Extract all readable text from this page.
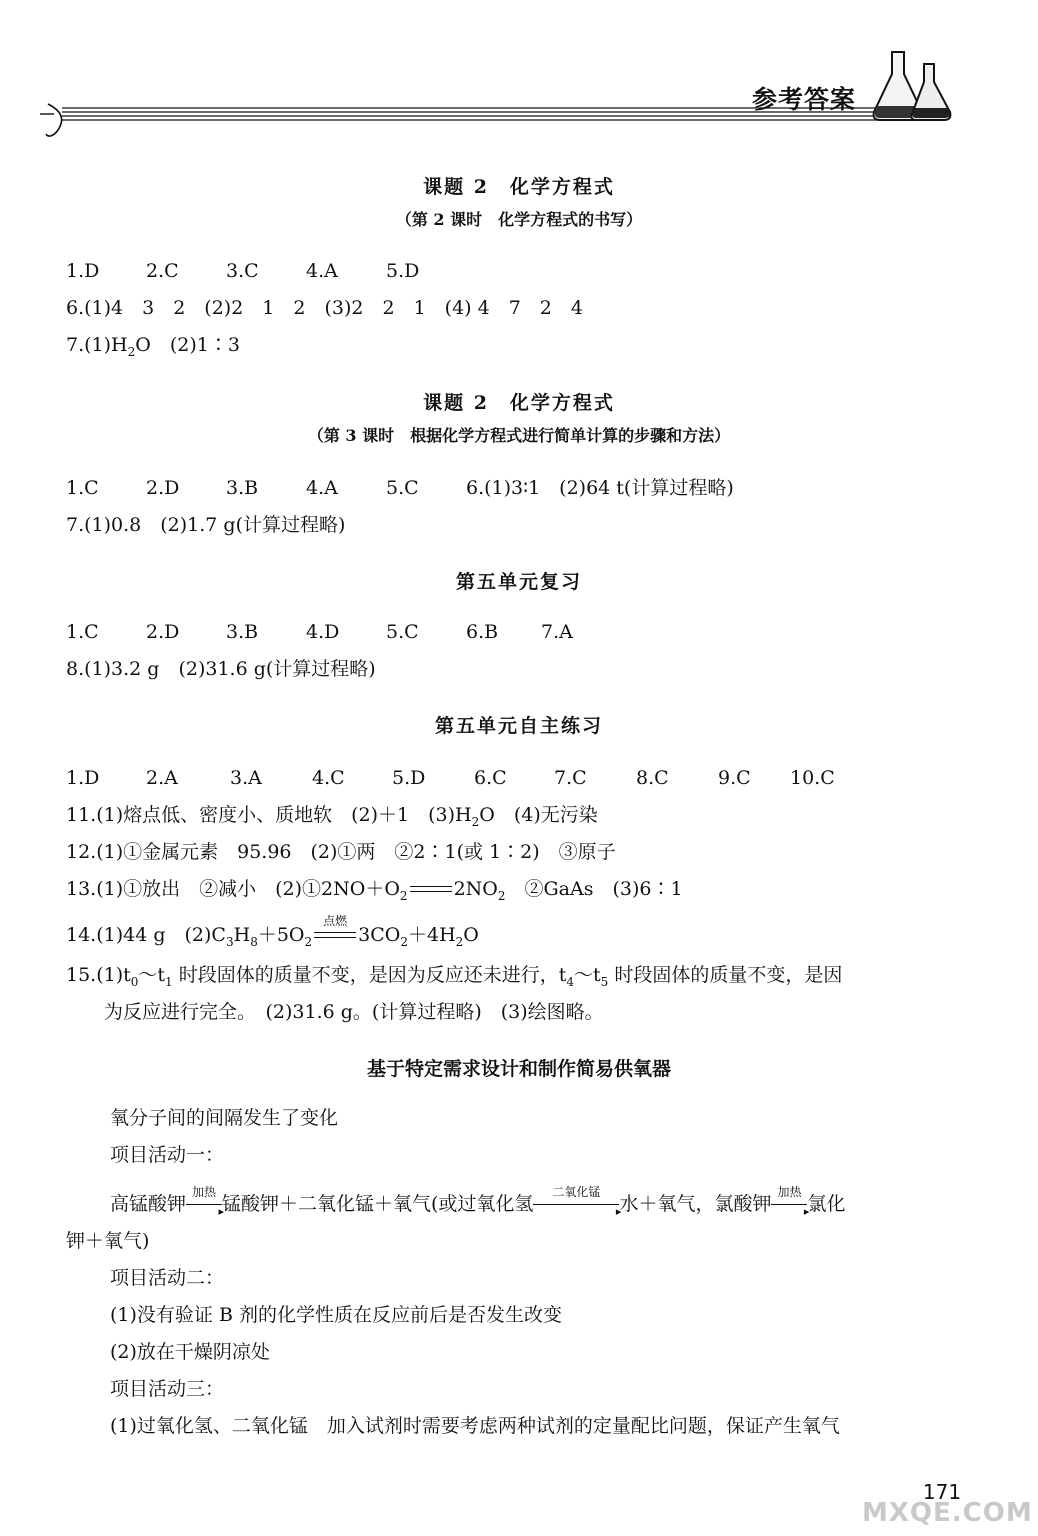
参考答案
课题 2　化学方程式
（第 2 课时　化学方程式的书写）
1.D 2.C 3.C 4.A	5.D
6.(1)4　3　2　(2)2　1　2　(3)2　2　1　(4) 4　7　2　4
$7.(1)H_2O$　(2)1∶3
课题 2　化学方程式
（第 3 课时　根据化学方程式进行简单计算的步骤和方法）
1.C 2.D 3.B	4.A	5.C 6.(1)3∶1　(2)64 t(计算过程略)
7.(1)0.8　(2)1.7 g(计算过程略)
第五单元复习
1.C 2.D 3.B	4.D 5.C 6.B 7.A
8.(1)3.2 g　(2)31.6 g(计算过程略)
第五单元自主练习
1.D 2.A	3.A	4.C 5.D	6.C 7.C	8.C	9.C 10.C
11.(1)熔点低、密度小、质地软　(2)＋1　$(3)H_2O$　(4)无污染
12.(1)①金属元素　95.96　(2)①两　②2∶1(或 1∶2)　③原子
13.(1)①放出　②减小　$(2)①2NO+O_2$ $2NO_2$　②GaAs　(3)6∶1
14.(1)44 g　$(2)C_3H_8+5O_2$
点燃
$3CO_2+4H_2O$
$15.(1)t_0\sim t_1$ 时段固体的质量不变，是因为反应还未进行，$t_4\sim t_5$ 时段固体的质量不变，是因
为反应进行完全。　(2)31.6 g。(计算过程略)　(3)绘图略。
基于特定需求设计和制作简易供氧器
氧分子间的间隔发生了变化
项目活动一：
高锰酸钾
加热
▸
锰酸钾＋二氧化锰＋氧气(或过氧化氢
二氧化锰
▸
水＋氧气，氯酸钾
加热
▸
氯化
钾＋氧气)
项目活动二：
(1)没有验证 B 剂的化学性质在反应前后是否发生改变
(2)放在干燥阴凉处
项目活动三：
(1)过氧化氢、二氧化锰　加入试剂时需要考虑两种试剂的定量配比问题，保证产生氧气
171
MXQE.COM
